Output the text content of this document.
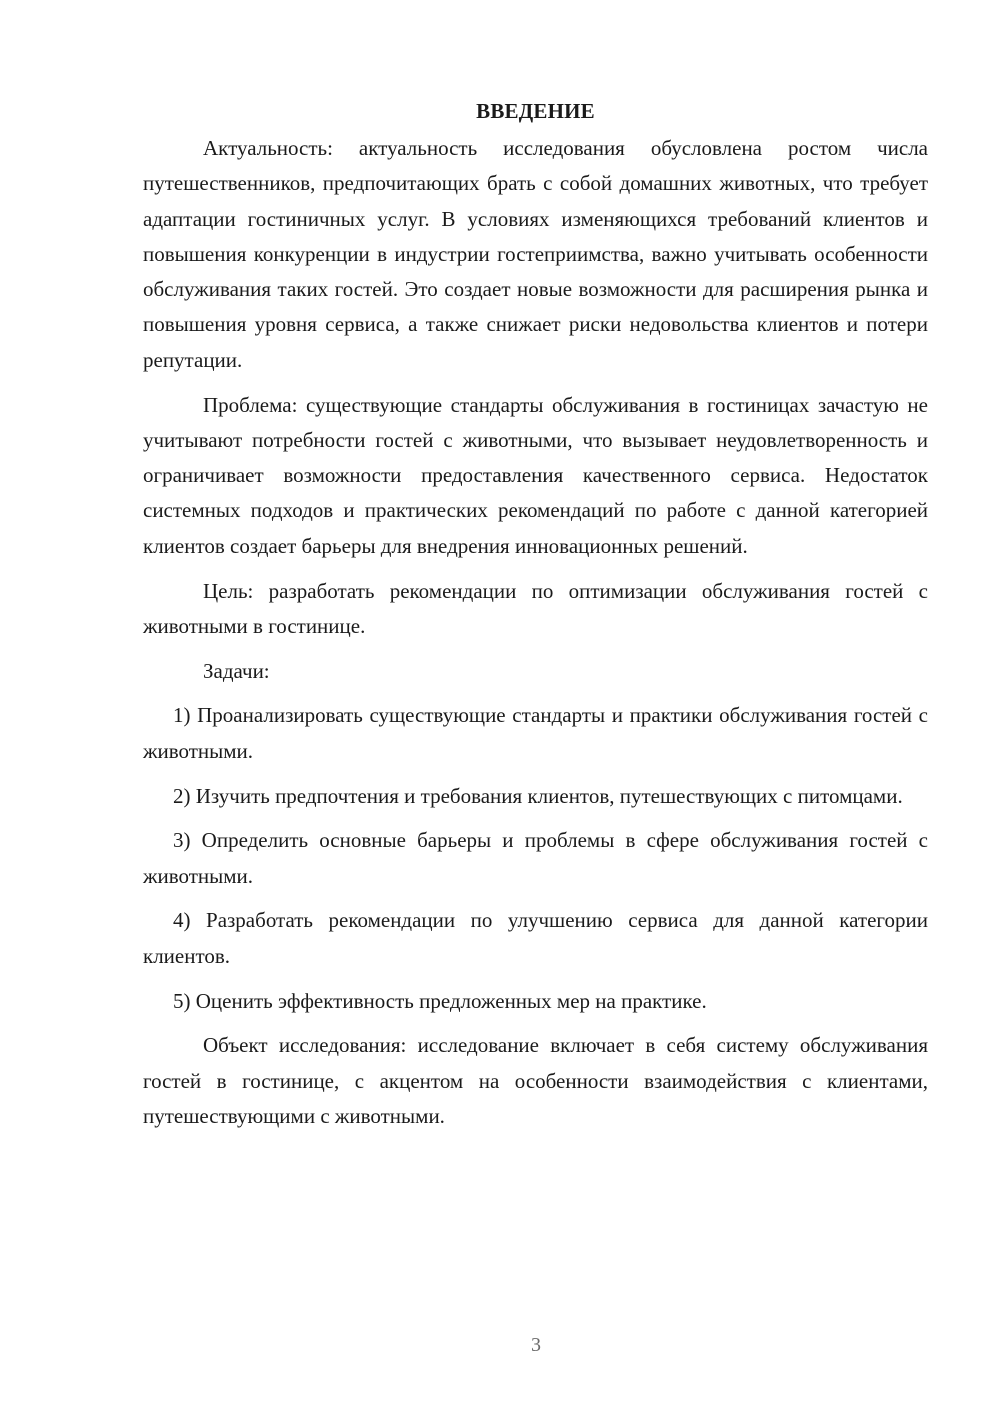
ВВЕДЕНИЕ

Актуальность: актуальность исследования обусловлена ростом числа путешественников, предпочитающих брать с собой домашних животных, что требует адаптации гостиничных услуг. В условиях изменяющихся требований клиентов и повышения конкуренции в индустрии гостеприимства, важно учитывать особенности обслуживания таких гостей. Это создает новые возможности для расширения рынка и повышения уровня сервиса, а также снижает риски недовольства клиентов и потери репутации.

Проблема: существующие стандарты обслуживания в гостиницах зачастую не учитывают потребности гостей с животными, что вызывает неудовлетворенность и ограничивает возможности предоставления качественного сервиса. Недостаток системных подходов и практических рекомендаций по работе с данной категорией клиентов создает барьеры для внедрения инновационных решений.

Цель: разработать рекомендации по оптимизации обслуживания гостей с животными в гостинице.

Задачи:

1) Проанализировать существующие стандарты и практики обслуживания гостей с животными.

2) Изучить предпочтения и требования клиентов, путешествующих с питомцами.

3) Определить основные барьеры и проблемы в сфере обслуживания гостей с животными.

4) Разработать рекомендации по улучшению сервиса для данной категории клиентов.

5) Оценить эффективность предложенных мер на практике.

Объект исследования: исследование включает в себя систему обслуживания гостей в гостинице, с акцентом на особенности взаимодействия с клиентами, путешествующими с животными.

3
